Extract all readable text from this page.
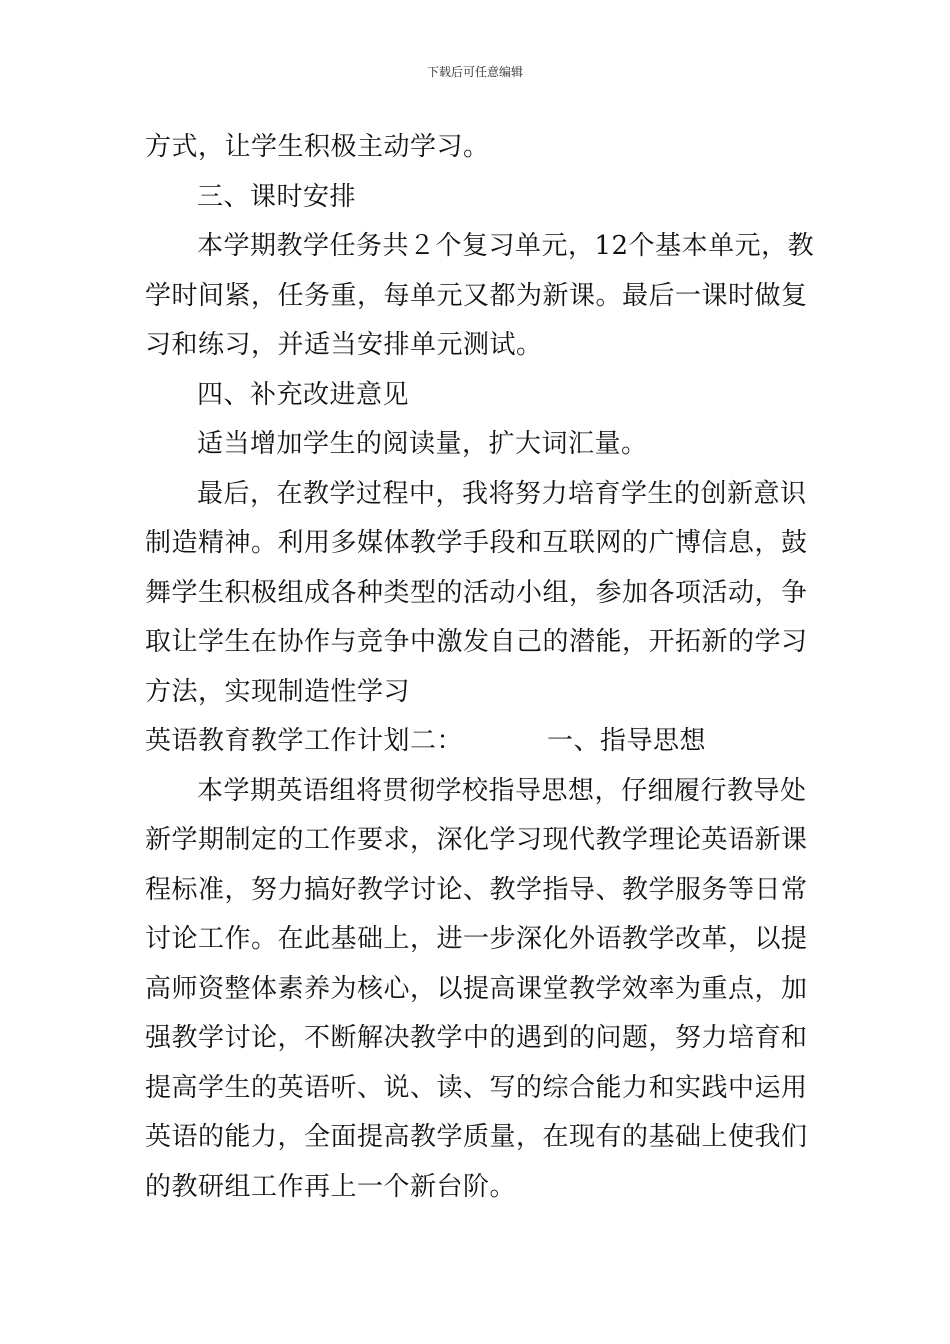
下载后可任意编辑
方式，让学生积极主动学习。
三、课时安排
本学期教学任务共２个复习单元，12个基本单元，教
学时间紧，任务重，每单元又都为新课。最后一课时做复
习和练习，并适当安排单元测试。
四、补充改进意见
适当增加学生的阅读量，扩大词汇量。
最后，在教学过程中，我将努力培育学生的创新意识
制造精神。利用多媒体教学手段和互联网的广博信息，鼓
舞学生积极组成各种类型的活动小组，参加各项活动，争
取让学生在协作与竞争中激发自己的潜能，开拓新的学习
方法，实现制造性学习
英语教育教学工作计划二：	一、指导思想
本学期英语组将贯彻学校指导思想，仔细履行教导处
新学期制定的工作要求，深化学习现代教学理论英语新课
程标准，努力搞好教学讨论、教学指导、教学服务等日常
讨论工作。在此基础上，进一步深化外语教学改革，以提
高师资整体素养为核心，以提高课堂教学效率为重点，加
强教学讨论，不断解决教学中的遇到的问题，努力培育和
提高学生的英语听、说、读、写的综合能力和实践中运用
英语的能力，全面提高教学质量，在现有的基础上使我们
的教研组工作再上一个新台阶。
